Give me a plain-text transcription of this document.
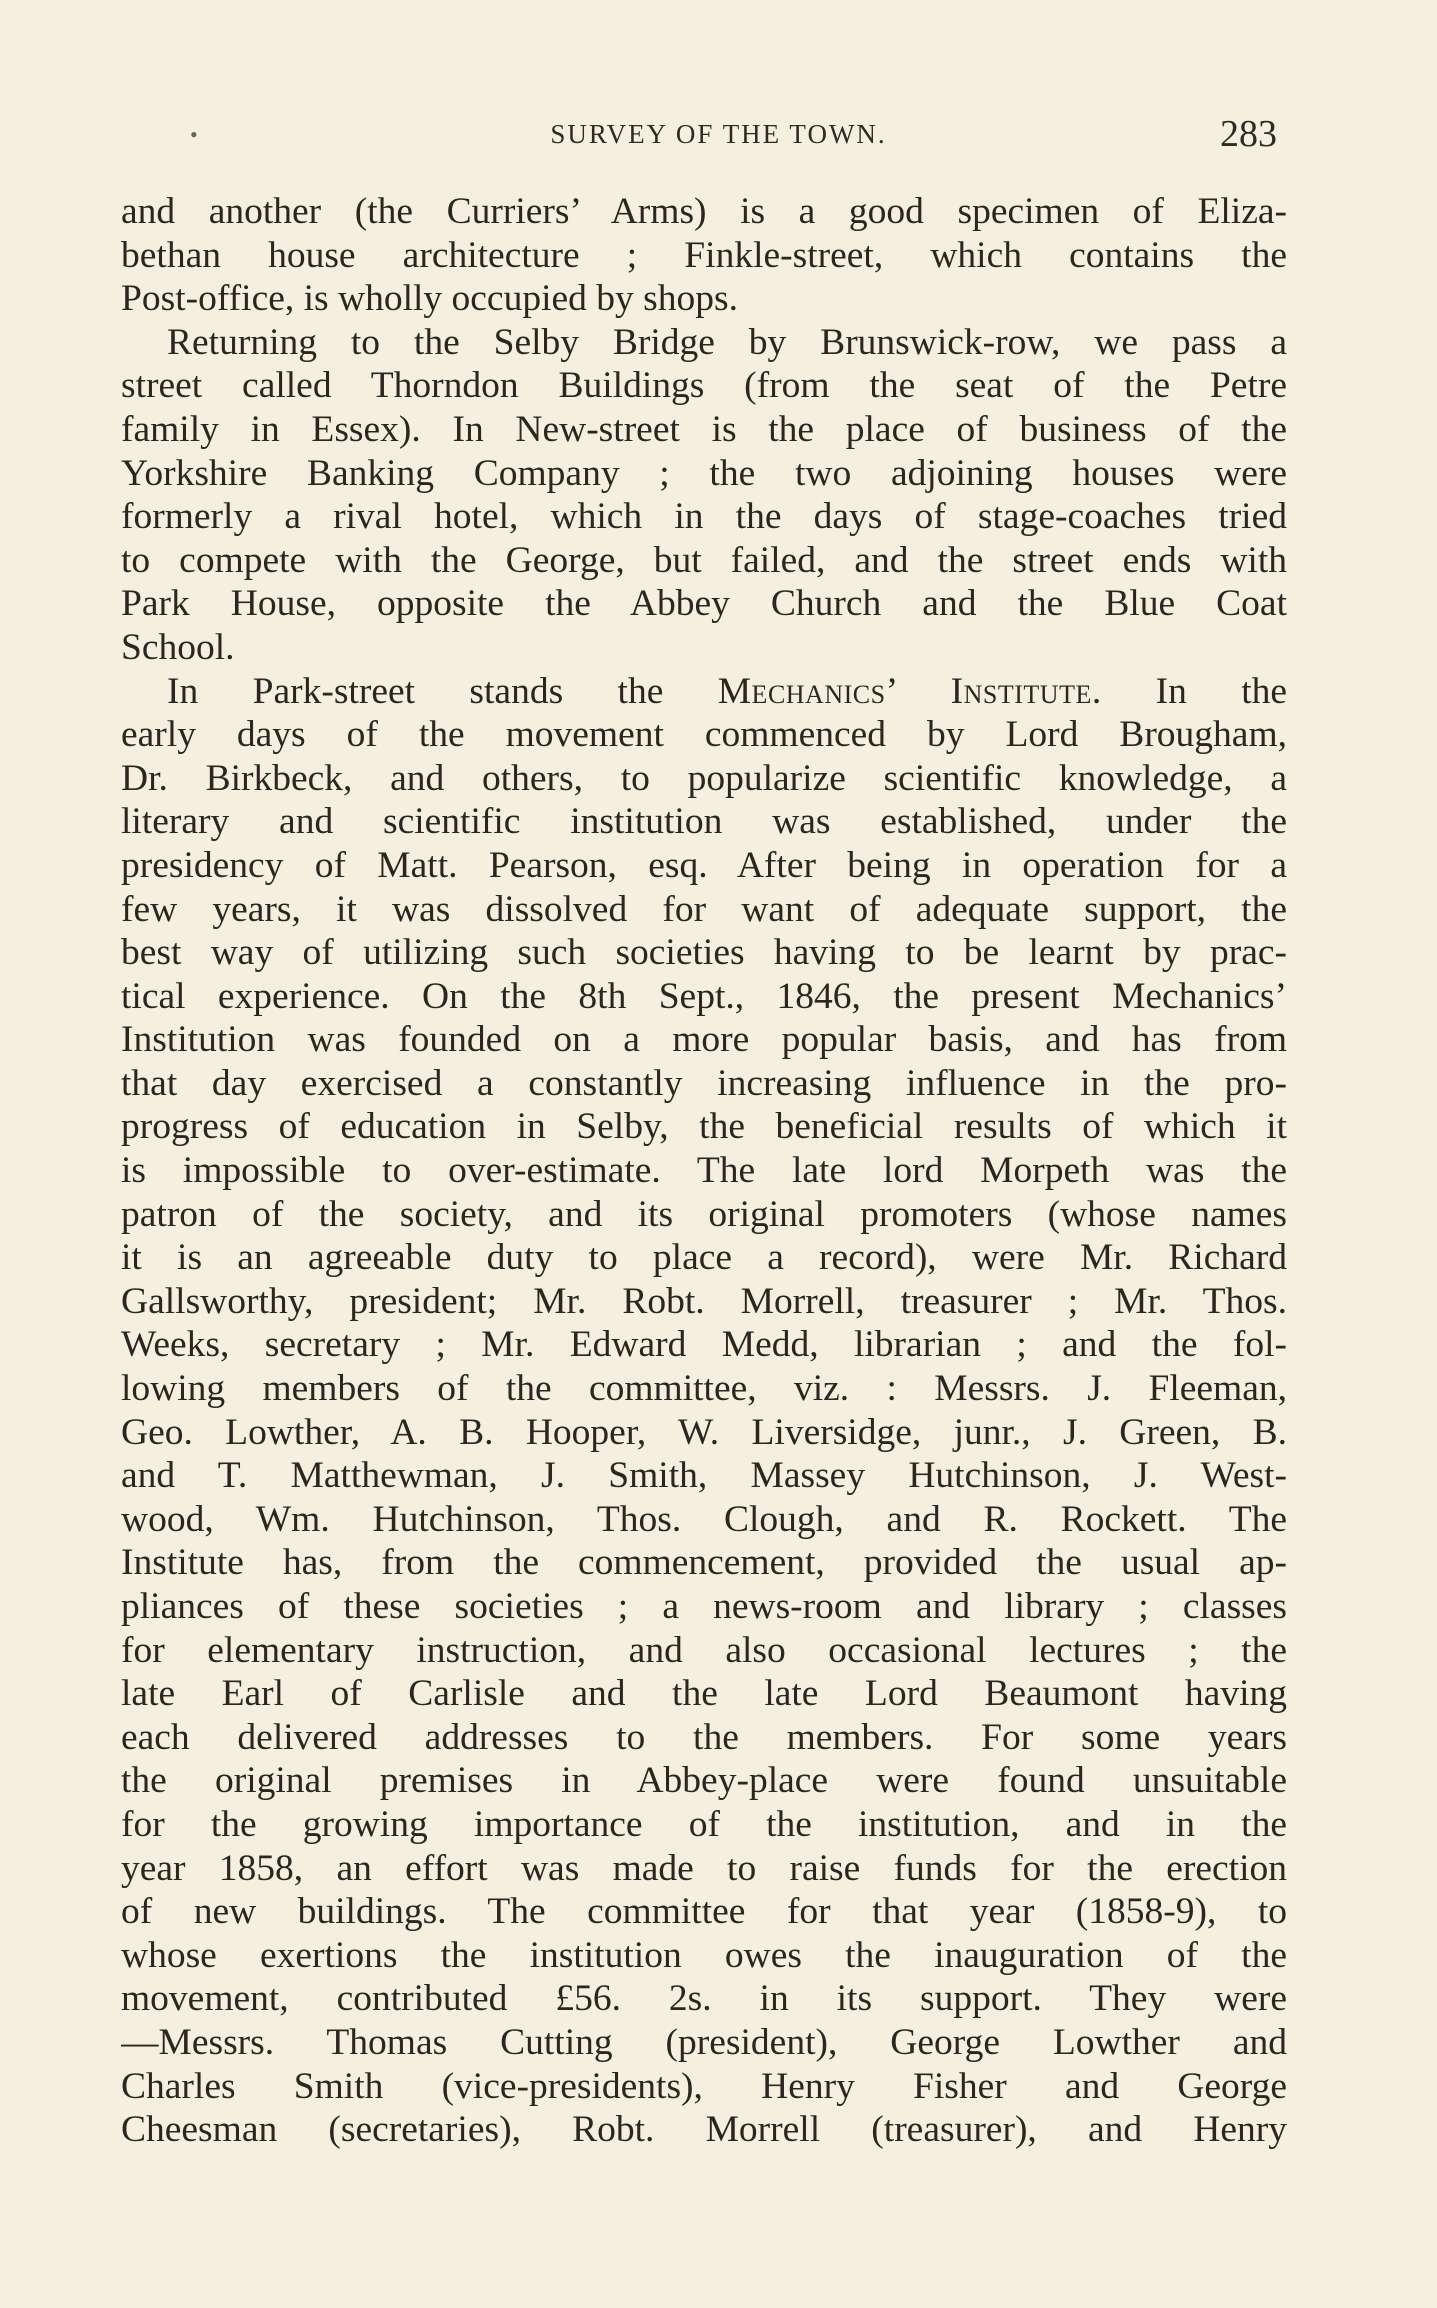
•	SURVEY OF THE TOWN.	283
and another (the Curriers’ Arms) is a good specimen of Eliza-
bethan house architecture ; Finkle-street, which contains the
Post-office, is wholly occupied by shops.
Returning to the Selby Bridge by Brunswick-row, we pass a
street called Thorndon Buildings (from the seat of the Petre
family in Essex). In New-street is the place of business of the
Yorkshire Banking Company ; the two adjoining houses were
formerly a rival hotel, which in the days of stage-coaches tried
to compete with the George, but failed, and the street ends with
Park House, opposite the Abbey Church and the Blue Coat
School.
In Park-street stands the Mechanics’ Institute. In the
early days of the movement commenced by Lord Brougham,
Dr. Birkbeck, and others, to popularize scientific knowledge, a
literary and scientific institution was established, under the
presidency of Matt. Pearson, esq. After being in operation for a
few years, it was dissolved for want of adequate support, the
best way of utilizing such societies having to be learnt by prac-
tical experience. On the 8th Sept., 1846, the present Mechanics’
Institution was founded on a more popular basis, and has from
that day exercised a constantly increasing influence in the pro-
progress of education in Selby, the beneficial results of which it
is impossible to over-estimate. The late lord Morpeth was the
patron of the society, and its original promoters (whose names
it is an agreeable duty to place a record), were Mr. Richard
Gallsworthy, president; Mr. Robt. Morrell, treasurer ; Mr. Thos.
Weeks, secretary ; Mr. Edward Medd, librarian ; and the fol-
lowing members of the committee, viz. : Messrs. J. Fleeman,
Geo. Lowther, A. B. Hooper, W. Liversidge, junr., J. Green, B.
and T. Matthewman, J. Smith, Massey Hutchinson, J. West-
wood, Wm. Hutchinson, Thos. Clough, and R. Rockett. The
Institute has, from the commencement, provided the usual ap-
pliances of these societies ; a news-room and library ; classes
for elementary instruction, and also occasional lectures ; the
late Earl of Carlisle and the late Lord Beaumont having
each delivered addresses to the members. For some years
the original premises in Abbey-place were found unsuitable
for the growing importance of the institution, and in the
year 1858, an effort was made to raise funds for the erection
of new buildings. The committee for that year (1858-9), to
whose exertions the institution owes the inauguration of the
movement, contributed £56. 2s. in its support. They were
—Messrs. Thomas Cutting (president), George Lowther and
Charles Smith (vice-presidents), Henry Fisher and George
Cheesman (secretaries), Robt. Morrell (treasurer), and Henry
